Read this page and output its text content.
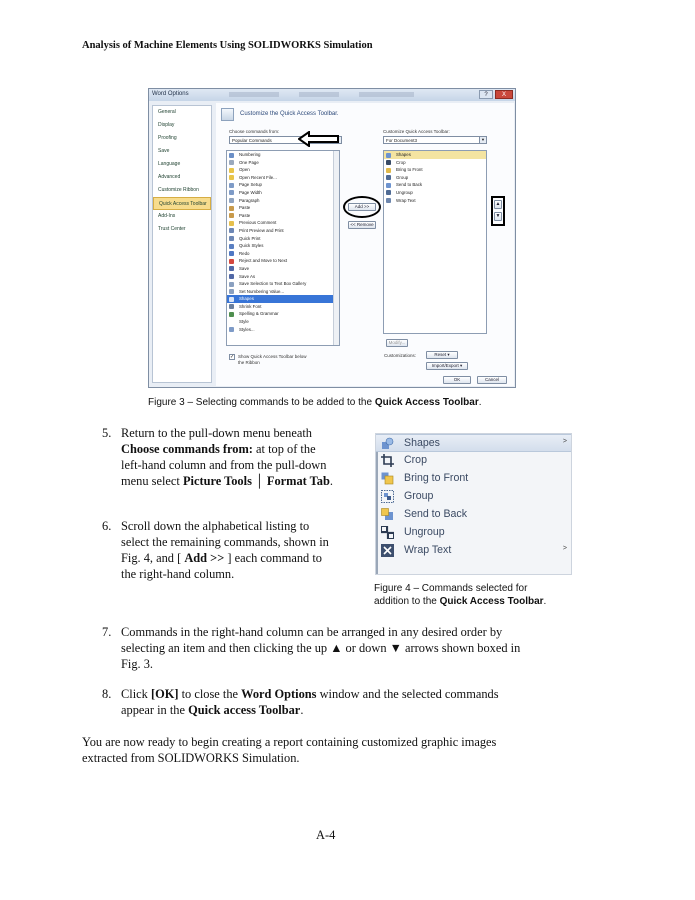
Analysis of Machine Elements Using SOLIDWORKS Simulation
Word Options	?	X
General
Display
Proofing
Save
Language
Advanced
Customize Ribbon
Quick Access Toolbar
Add-Ins
Trust Center
Customize the Quick Access Toolbar.
Choose commands from:
Popular Commands
Customize Quick Access Toolbar:
For Document3	▼
Numbering
One Page
Open
Open Recent File...
Page Setup
Page Width
Paragraph
Paste
Paste
Previous Comment
Print Preview and Print
Quick Print
Quick Styles
Redo
Reject and Move to Next
Save
Save As
Save Selection to Text Box Gallery
Set Numbering Value...
Shapes
Shrink Font
Spelling & Grammar
Style
Styles...
Add >>
<< Remove
Shapes
Crop
Bring to Front
Group
Send to Back
Ungroup
Wrap Text
▲
▼
Modify...
Customizations:	Reset ▾
Import/Export ▾
✓ Show Quick Access Toolbar below the Ribbon
OK	Cancel
Figure 3 – Selecting commands to be added to the Quick Access Toolbar.
5. Return to the pull-down menu beneath
Choose commands from: at top of the
left-hand column and from the pull-down
menu select Picture Tools │ Format Tab.
6. Scroll down the alphabetical listing to
select the remaining commands, shown in
Fig. 4, and [ Add >> ] each command to
the right-hand column.
Shapes	>
Crop
Bring to Front
Group
Send to Back
Ungroup
Wrap Text	>
Figure 4 – Commands selected for
addition to the Quick Access Toolbar.
7. Commands in the right-hand column can be arranged in any desired order by
selecting an item and then clicking the up ▲ or down ▼ arrows shown boxed in
Fig. 3.
8. Click [OK] to close the Word Options window and the selected commands
appear in the Quick access Toolbar.
You are now ready to begin creating a report containing customized graphic images
extracted from SOLIDWORKS Simulation.
A-4
